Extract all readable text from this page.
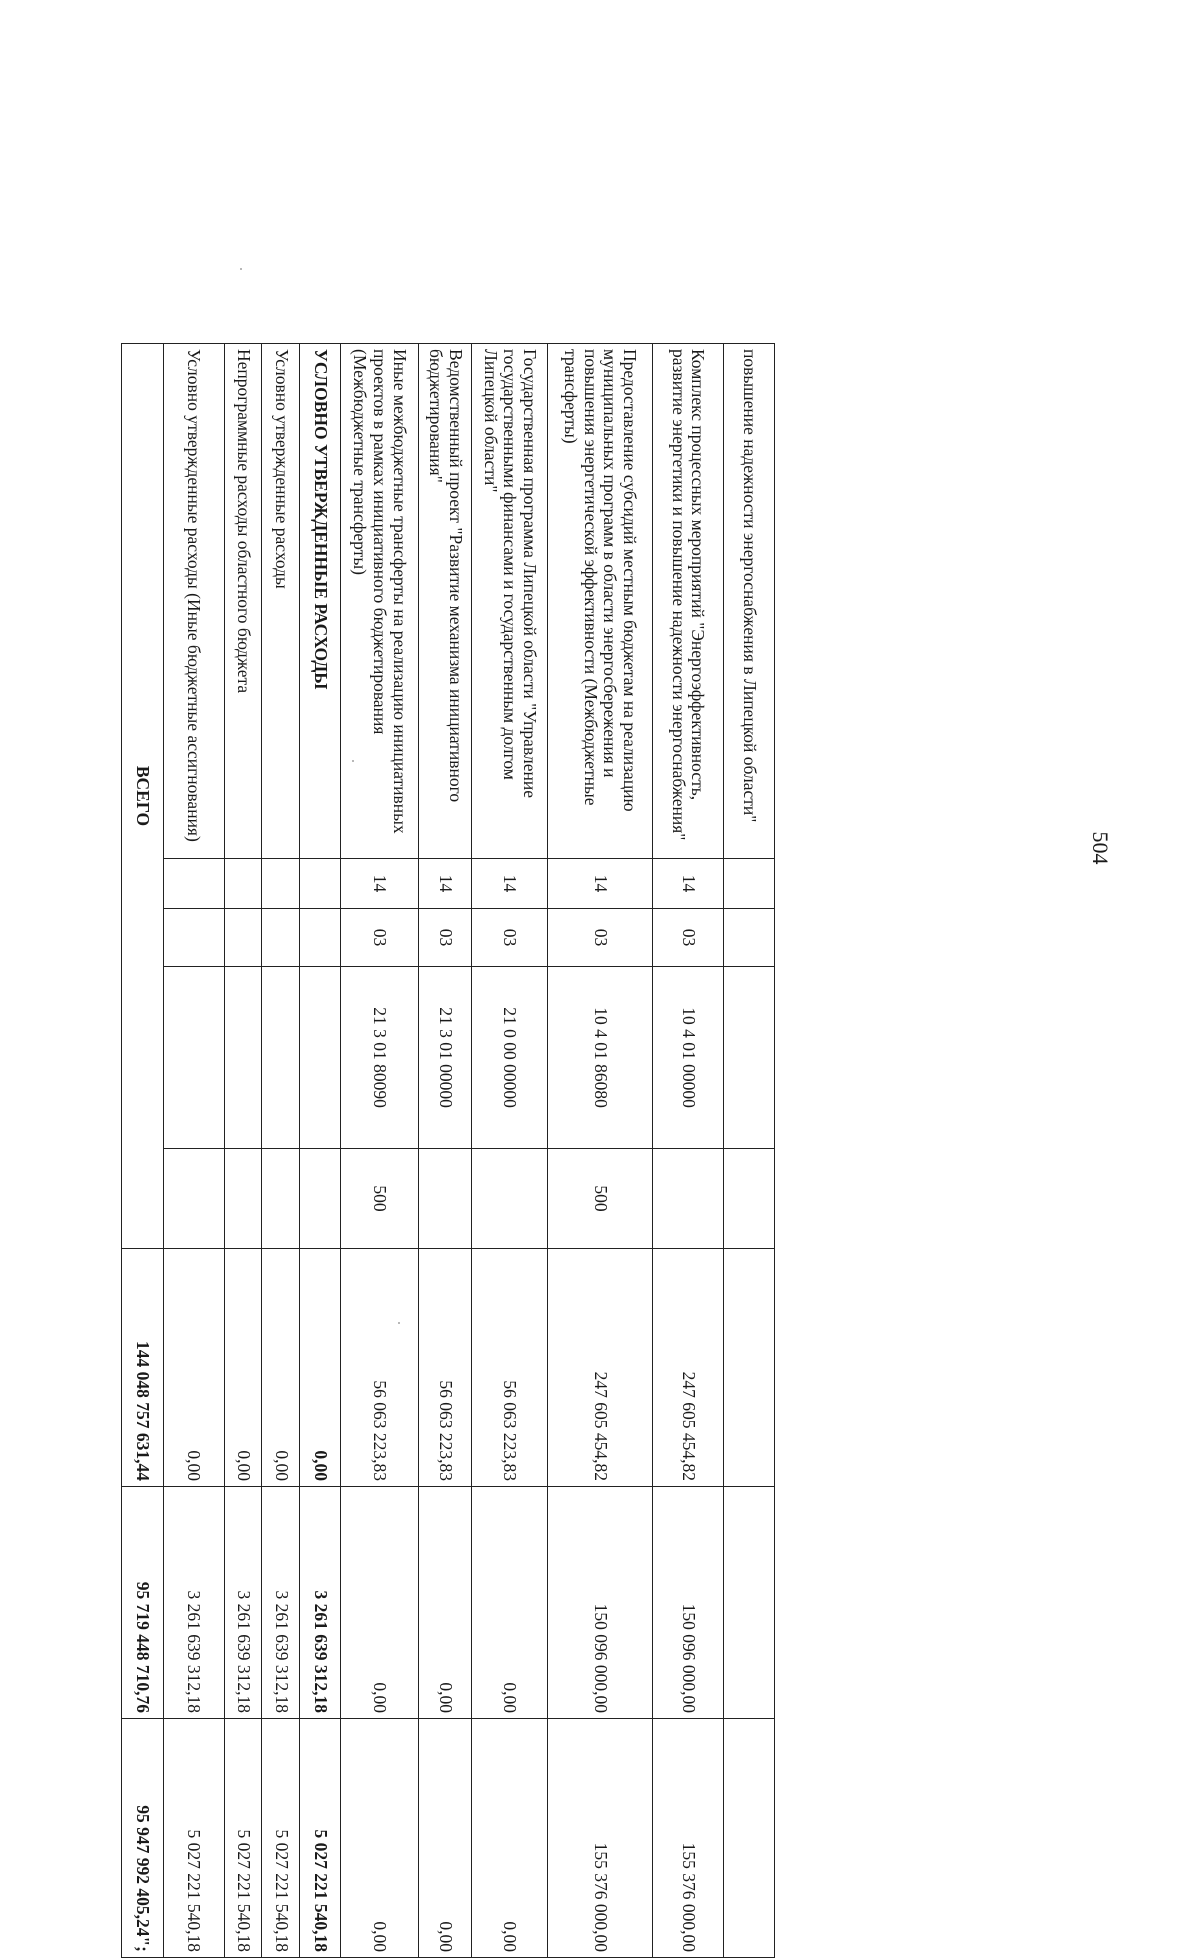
504
повышение надежности энергоснабжения в Липецкой области"							
Комплекс процессных мероприятий "Энергоэффективность, развитие энергетики и повышение надежности энергоснабжения"	14	03	10 4 01 00000		247 605 454,82	150 096 000,00	155 376 000,00
Предоставление субсидий местным бюджетам на реализацию муниципальных программ в области энергосбережения и повышения энергетической эффективности (Межбюджетные трансферты)	14	03	10 4 01 86080	500	247 605 454,82	150 096 000,00	155 376 000,00
Государственная программа Липецкой области "Управление государственными финансами и государственным долгом Липецкой области"	14	03	21 0 00 00000		56 063 223,83	0,00	0,00
Ведомственный проект "Развитие механизма инициативного бюджетирования"	14	03	21 3 01 00000		56 063 223,83	0,00	0,00
Иные межбюджетные трансферты на реализацию инициативных проектов в рамках инициативного бюджетирования (Межбюджетные трансферты)	14	03	21 3 01 80090	500	56 063 223,83	0,00	0,00
УСЛОВНО УТВЕРЖДЕННЫЕ РАСХОДЫ					0,00	3 261 639 312,18	5 027 221 540,18
Условно утвержденные расходы					0,00	3 261 639 312,18	5 027 221 540,18
Непрограммные расходы областного бюджета					0,00	3 261 639 312,18	5 027 221 540,18
Условно утвержденные расходы (Иные бюджетные ассигнования)					0,00	3 261 639 312,18	5 027 221 540,18
ВСЕГО					144 048 757 631,44	95 719 448 710,76	95 947 992 405,24";
